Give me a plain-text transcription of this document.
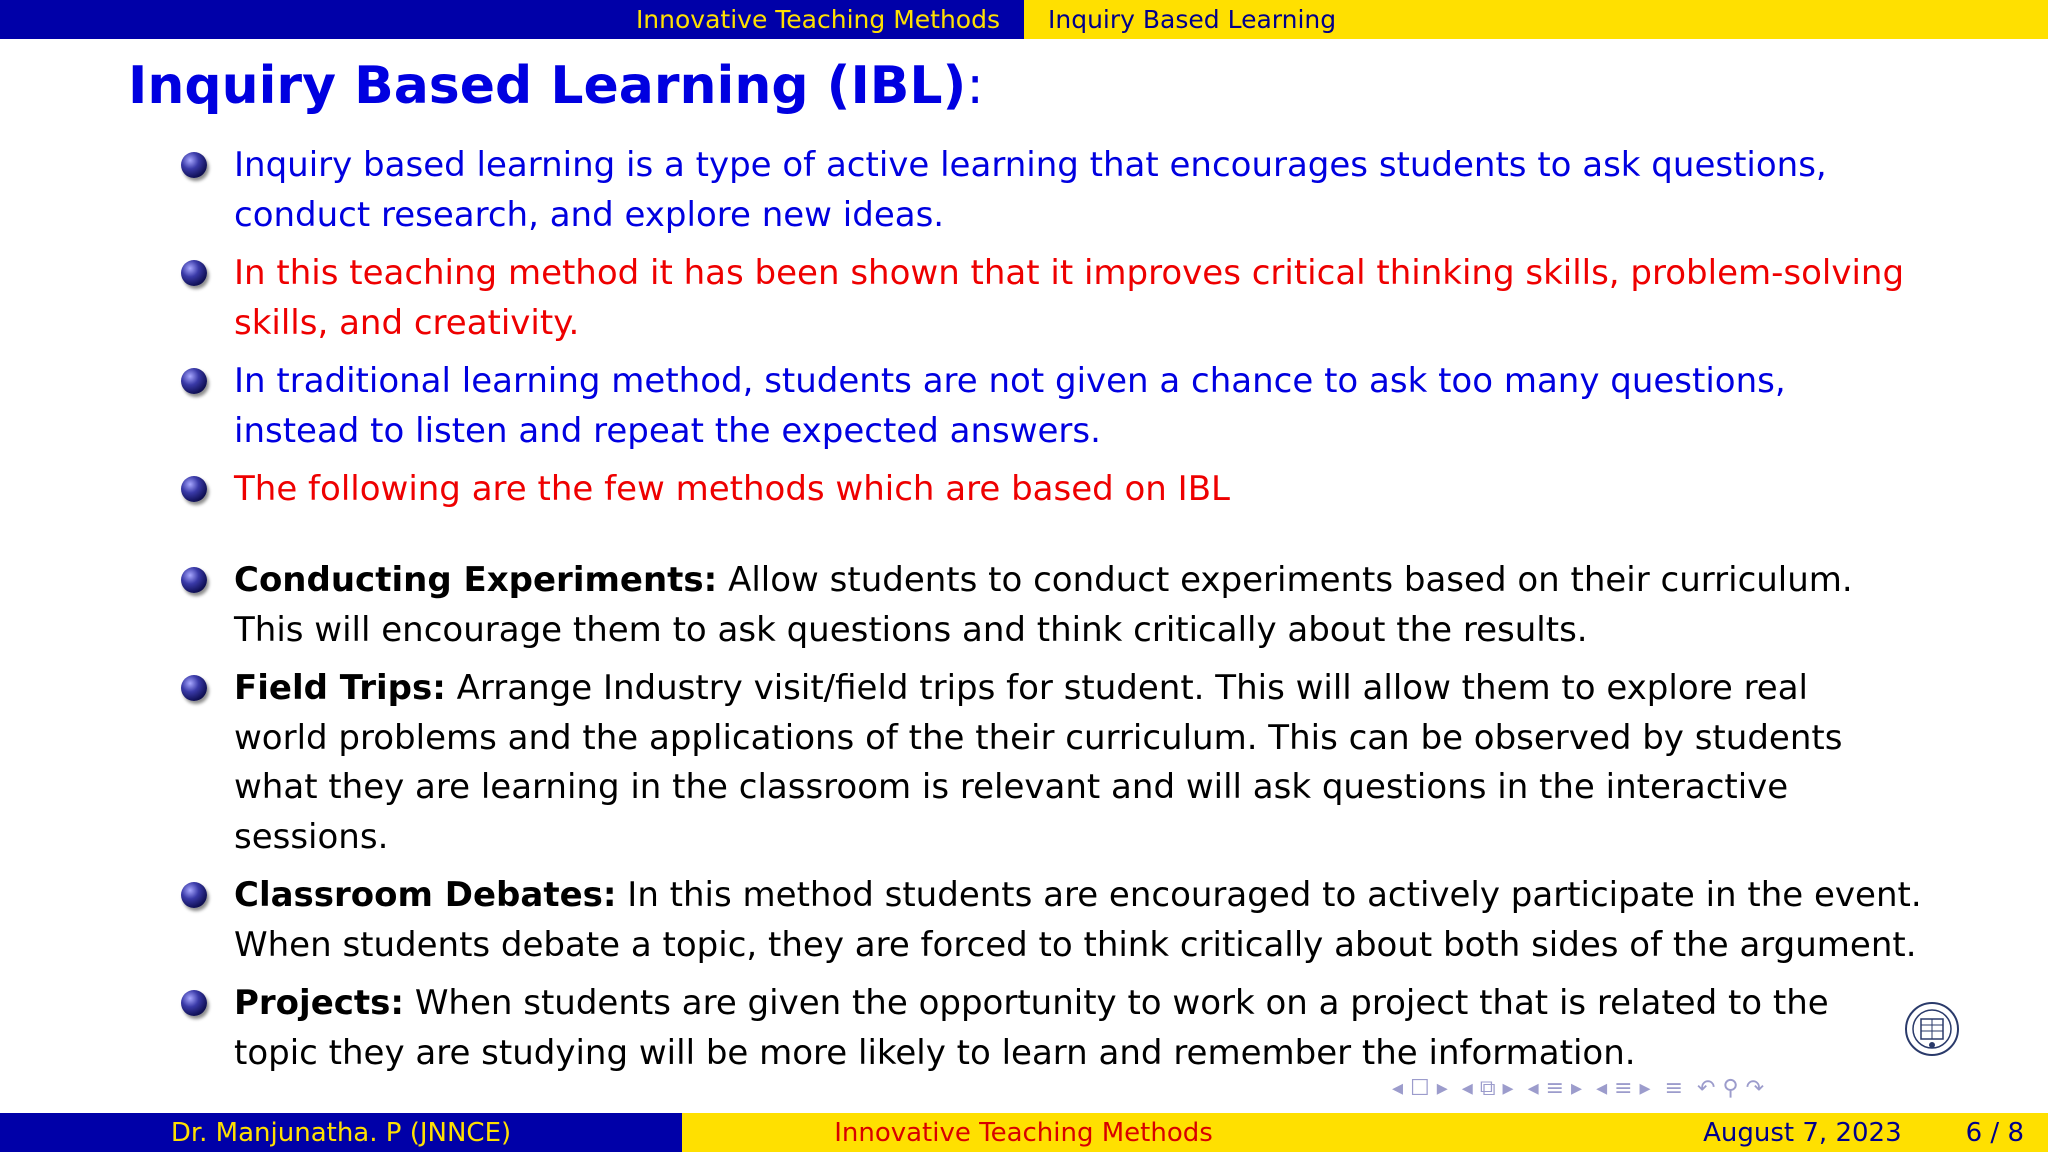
Innovative Teaching Methods Inquiry Based Learning
Inquiry Based Learning (IBL):
Inquiry based learning is a type of active learning that encourages students to ask questions,
conduct research, and explore new ideas.
In this teaching method it has been shown that it improves critical thinking skills, problem-solving
skills, and creativity.
In traditional learning method, students are not given a chance to ask too many questions,
instead to listen and repeat the expected answers.
The following are the few methods which are based on IBL
Conducting Experiments: Allow students to conduct experiments based on their curriculum.
This will encourage them to ask questions and think critically about the results.
Field Trips: Arrange Industry visit/field trips for student. This will allow them to explore real
world problems and the applications of the their curriculum. This can be observed by students
what they are learning in the classroom is relevant and will ask questions in the interactive
sessions.
Classroom Debates: In this method students are encouraged to actively participate in the event.
When students debate a topic, they are forced to think critically about both sides of the argument.
Projects: When students are given the opportunity to work on a project that is related to the
topic they are studying will be more likely to learn and remember the information.
◂ ☐ ▸ ◂ ⧉ ▸ ◂ ≡ ▸ ◂ ≡ ▸ ≡ ↶ ⚲ ↷
Dr. Manjunatha. P (JNNCE)	Innovative Teaching Methods	August 7, 2023 6 / 8
